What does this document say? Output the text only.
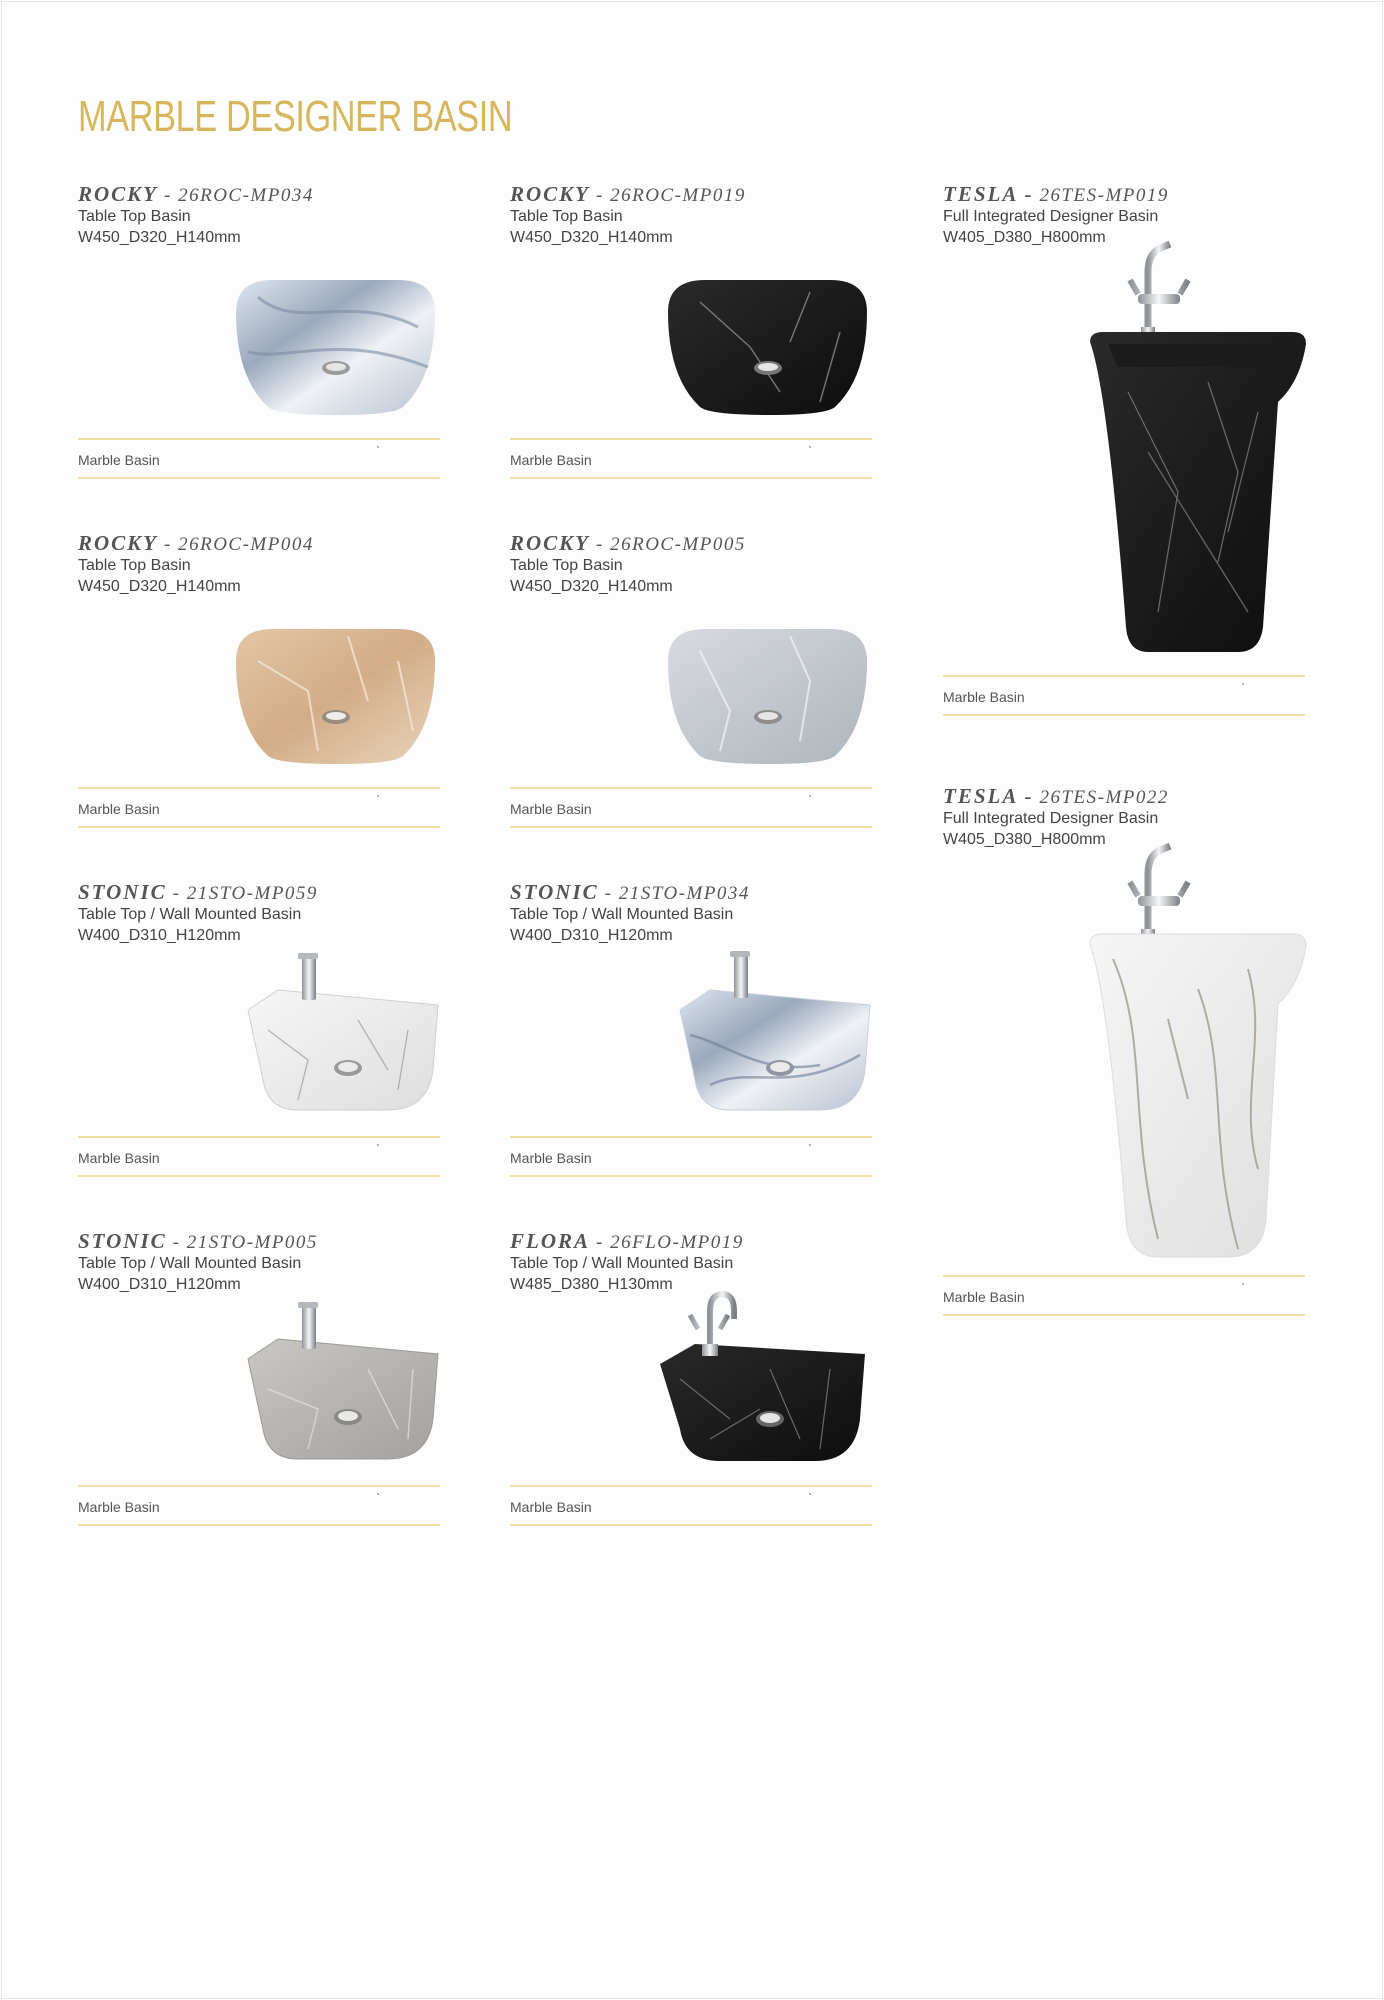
MARBLE DESIGNER BASIN
ROCKY - 26ROC-MP034
Table Top Basin
W450_D320_H140mm
Marble Basin
`
ROCKY - 26ROC-MP019
Table Top Basin
W450_D320_H140mm
Marble Basin
`
TESLA - 26TES-MP019
Full Integrated Designer Basin
W405_D380_H800mm
Marble Basin
`
ROCKY - 26ROC-MP004
Table Top Basin
W450_D320_H140mm
Marble Basin
`
ROCKY - 26ROC-MP005
Table Top Basin
W450_D320_H140mm
Marble Basin
`	TESLA - 26TES-MP022
Full Integrated Designer Basin
W405_D380_H800mm
Marble Basin
`
STONIC - 21STO-MP059
Table Top / Wall Mounted Basin
W400_D310_H120mm
Marble Basin
`
STONIC - 21STO-MP034
Table Top / Wall Mounted Basin
W400_D310_H120mm
Marble Basin
`
STONIC - 21STO-MP005
Table Top / Wall Mounted Basin
W400_D310_H120mm
Marble Basin
`
FLORA - 26FLO-MP019
Table Top / Wall Mounted Basin
W485_D380_H130mm
Marble Basin
`
